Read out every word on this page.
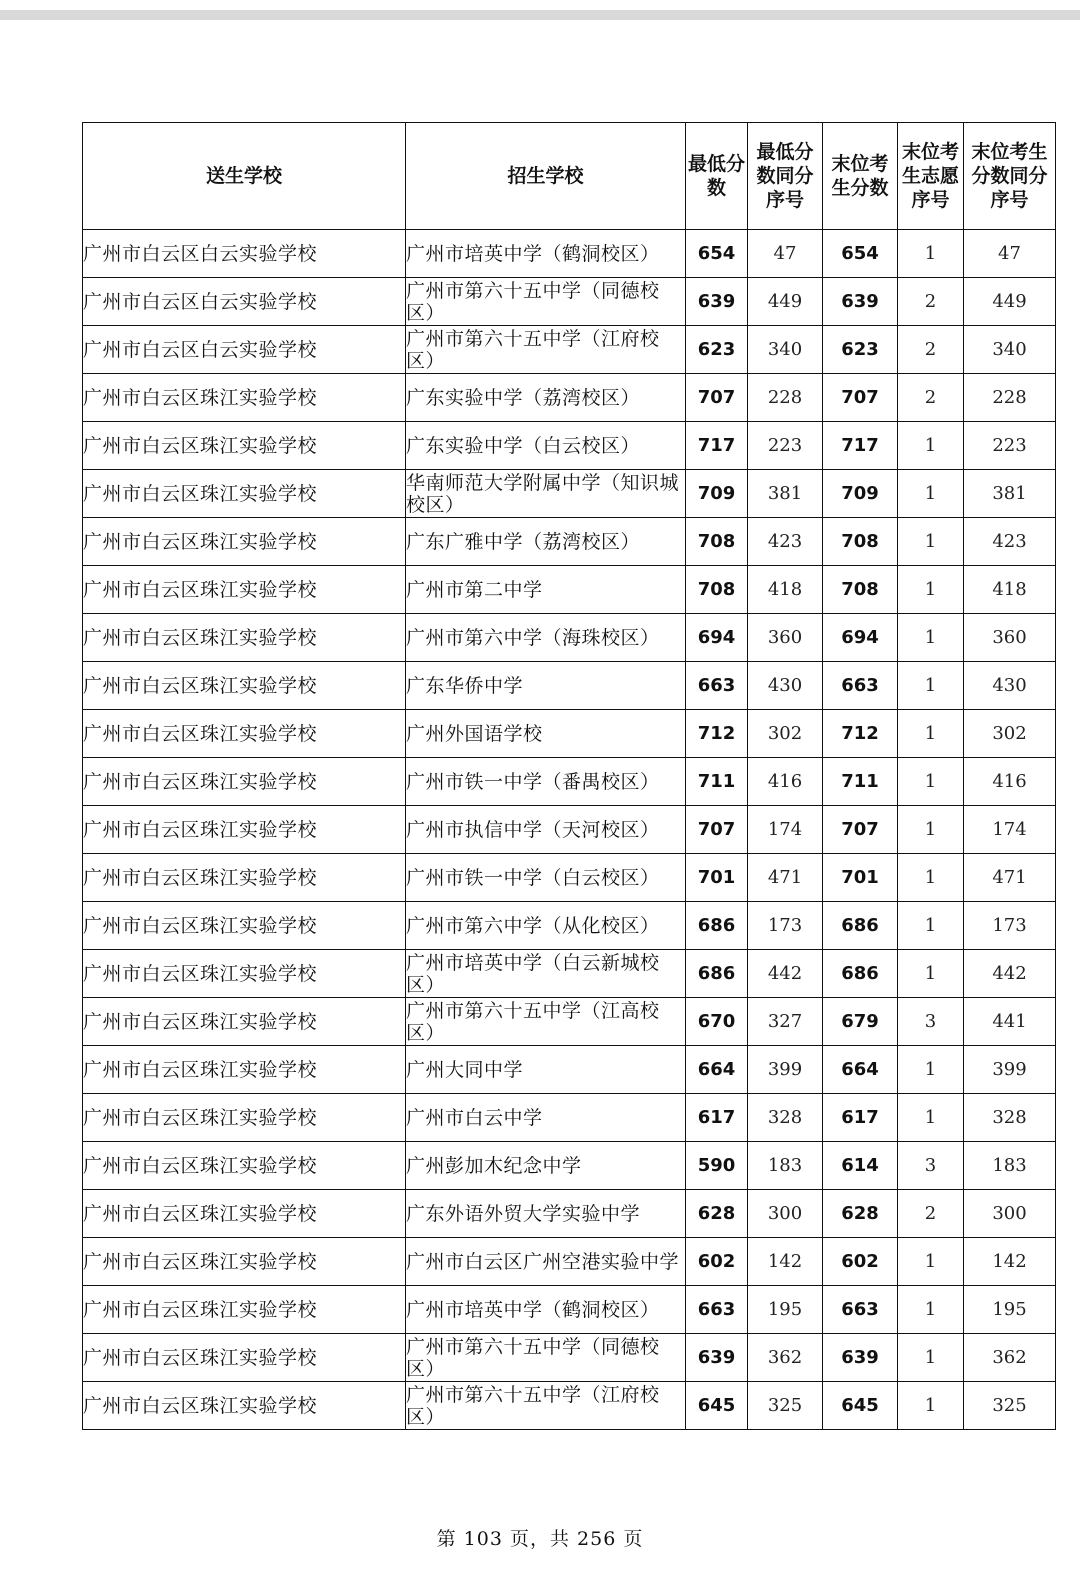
送生学校	招生学校	最低分数	最低分数同分序号	末位考生分数	末位考生志愿序号	末位考生分数同分序号
广州市白云区白云实验学校	广州市培英中学（鹤洞校区）	654	47	654	1	47
广州市白云区白云实验学校	广州市第六十五中学（同德校区）	639	449	639	2	449
广州市白云区白云实验学校	广州市第六十五中学（江府校区）	623	340	623	2	340
广州市白云区珠江实验学校	广东实验中学（荔湾校区）	707	228	707	2	228
广州市白云区珠江实验学校	广东实验中学（白云校区）	717	223	717	1	223
广州市白云区珠江实验学校	华南师范大学附属中学（知识城校区）	709	381	709	1	381
广州市白云区珠江实验学校	广东广雅中学（荔湾校区）	708	423	708	1	423
广州市白云区珠江实验学校	广州市第二中学	708	418	708	1	418
广州市白云区珠江实验学校	广州市第六中学（海珠校区）	694	360	694	1	360
广州市白云区珠江实验学校	广东华侨中学	663	430	663	1	430
广州市白云区珠江实验学校	广州外国语学校	712	302	712	1	302
广州市白云区珠江实验学校	广州市铁一中学（番禺校区）	711	416	711	1	416
广州市白云区珠江实验学校	广州市执信中学（天河校区）	707	174	707	1	174
广州市白云区珠江实验学校	广州市铁一中学（白云校区）	701	471	701	1	471
广州市白云区珠江实验学校	广州市第六中学（从化校区）	686	173	686	1	173
广州市白云区珠江实验学校	广州市培英中学（白云新城校区）	686	442	686	1	442
广州市白云区珠江实验学校	广州市第六十五中学（江高校区）	670	327	679	3	441
广州市白云区珠江实验学校	广州大同中学	664	399	664	1	399
广州市白云区珠江实验学校	广州市白云中学	617	328	617	1	328
广州市白云区珠江实验学校	广州彭加木纪念中学	590	183	614	3	183
广州市白云区珠江实验学校	广东外语外贸大学实验中学	628	300	628	2	300
广州市白云区珠江实验学校	广州市白云区广州空港实验中学	602	142	602	1	142
广州市白云区珠江实验学校	广州市培英中学（鹤洞校区）	663	195	663	1	195
广州市白云区珠江实验学校	广州市第六十五中学（同德校区）	639	362	639	1	362
广州市白云区珠江实验学校	广州市第六十五中学（江府校区）	645	325	645	1	325
第 103 页，共 256 页
